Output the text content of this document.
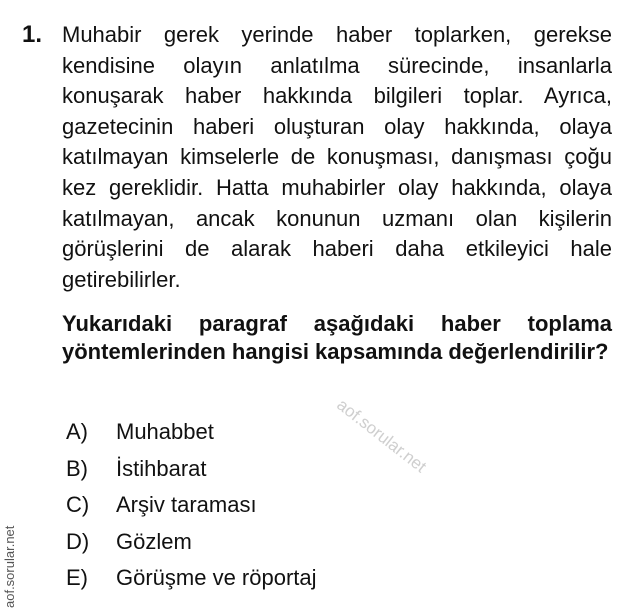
1. Muhabir gerek yerinde haber toplarken, gerekse kendisine olayın anlatılma sürecinde, insanlarla konuşarak haber hakkında bilgileri toplar. Ayrıca, gazetecinin haberi oluşturan olay hakkında, olaya katılmayan kimselerle de konuşması, danışması çoğu kez gereklidir. Hatta muhabirler olay hakkında, olaya katılmayan, ancak konunun uzmanı olan kişilerin görüşlerini de alarak haberi daha etkileyici hale getirebilirler.

Yukarıdaki paragraf aşağıdaki haber toplama yöntemlerinden hangisi kapsamında değerlendirilir?

A)	Muhabbet
B)	İstihbarat
C)	Arşiv taraması
D)	Gözlem
E)	Görüşme ve röportaj
aof.sorular.net
aof.sorular.net
